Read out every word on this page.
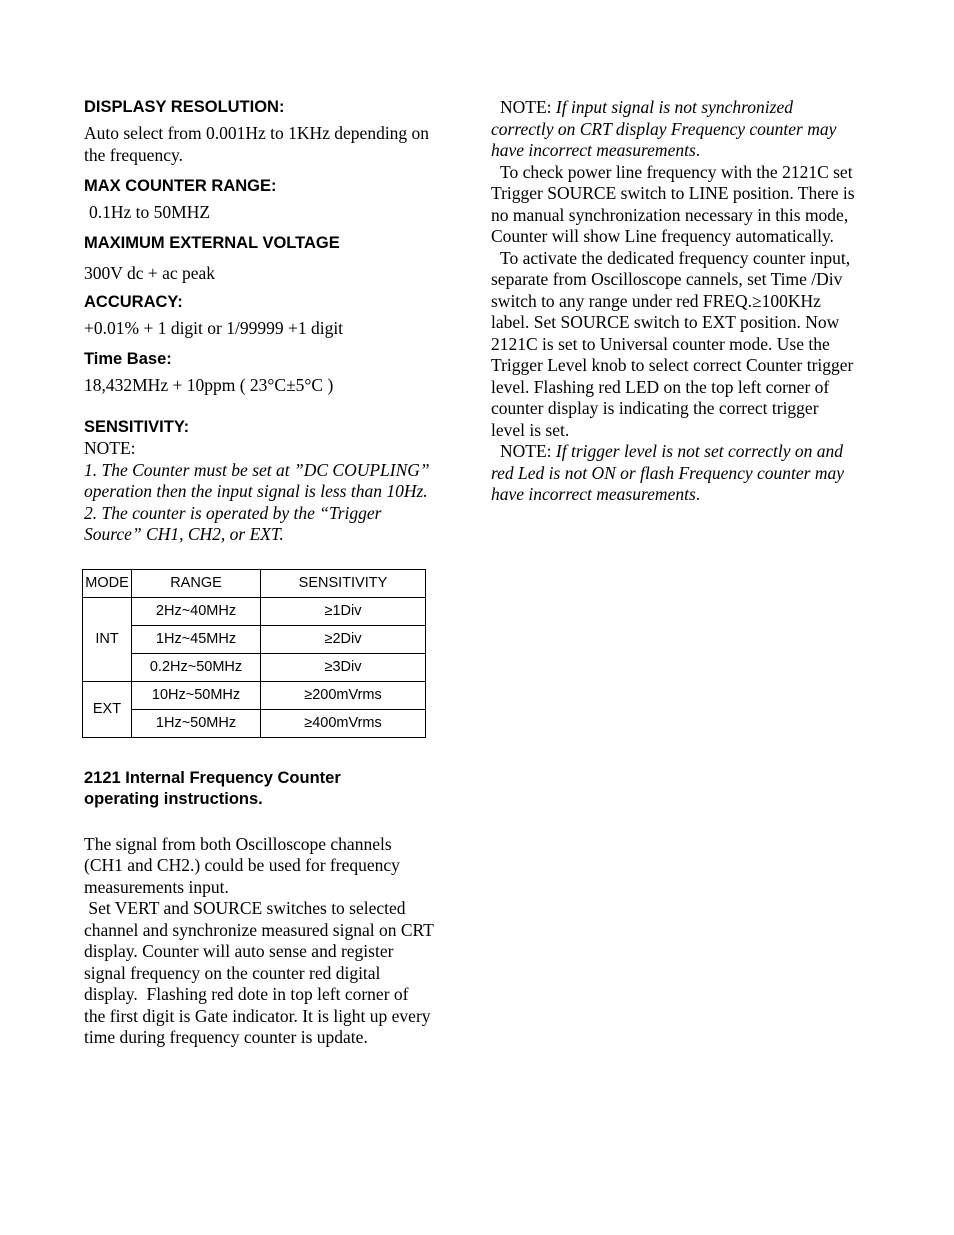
DISPLASY RESOLUTION:

Auto select from 0.001Hz to 1KHz depending on the frequency.

MAX COUNTER RANGE:

0.1Hz to 50MHZ

MAXIMUM EXTERNAL VOLTAGE

300V dc + ac peak

ACCURACY:

+0.01% + 1 digit or 1/99999 +1 digit

Time Base:

18,432MHz + 10ppm ( 23°C±5°C )

SENSITIVITY:

NOTE:

1. The Counter must be set at ”DC COUPLING” operation then the input signal is less than 10Hz.

2. The counter is operated by the “Trigger Source” CH1, CH2, or EXT.

MODE	RANGE	SENSITIVITY
INT	2Hz~40MHz	≥1Div
	1Hz~45MHz	≥2Div
	0.2Hz~50MHz	≥3Div
EXT	10Hz~50MHz	≥200mVrms
	1Hz~50MHz	≥400mVrms

2121 Internal Frequency Counter operating instructions.

The signal from both Oscilloscope channels (CH1 and CH2.) could be used for frequency measurements input.

Set VERT and SOURCE switches to selected channel and synchronize measured signal on CRT display. Counter will auto sense and register signal frequency on the counter red digital display.  Flashing red dote in top left corner of the first digit is Gate indicator. It is light up every time during frequency counter is update.

NOTE: If input signal is not synchronized correctly on CRT display Frequency counter may have incorrect measurements.

To check power line frequency with the 2121C set Trigger SOURCE switch to LINE position. There is no manual synchronization necessary in this mode, Counter will show Line frequency automatically.

To activate the dedicated frequency counter input, separate from Oscilloscope cannels, set Time /Div switch to any range under red FREQ.≥100KHz label. Set SOURCE switch to EXT position. Now 2121C is set to Universal counter mode. Use the Trigger Level knob to select correct Counter trigger level. Flashing red LED on the top left corner of counter display is indicating the correct trigger level is set.

NOTE: If trigger level is not set correctly on and red Led is not ON or flash Frequency counter may have incorrect measurements.
